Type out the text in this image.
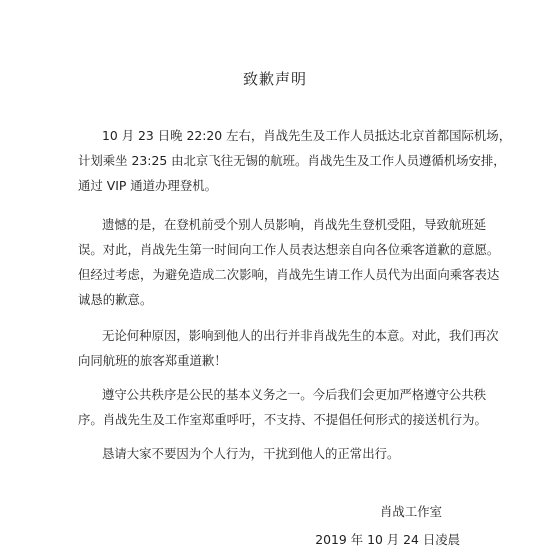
致歉声明
10 月 23 日晚 22:20 左右，肖战先生及工作人员抵达北京首都国际机场，
计划乘坐 23:25 由北京飞往无锡的航班。肖战先生及工作人员遵循机场安排，
通过 VIP 通道办理登机。
遗憾的是，在登机前受个别人员影响，肖战先生登机受阻，导致航班延
误。对此，肖战先生第一时间向工作人员表达想亲自向各位乘客道歉的意愿。
但经过考虑，为避免造成二次影响，肖战先生请工作人员代为出面向乘客表达
诚恳的歉意。
无论何种原因，影响到他人的出行并非肖战先生的本意。对此，我们再次
向同航班的旅客郑重道歉！
遵守公共秩序是公民的基本义务之一。今后我们会更加严格遵守公共秩
序。肖战先生及工作室郑重呼吁，不支持、不提倡任何形式的接送机行为。
恳请大家不要因为个人行为，干扰到他人的正常出行。
肖战工作室
2019 年 10 月 24 日凌晨
